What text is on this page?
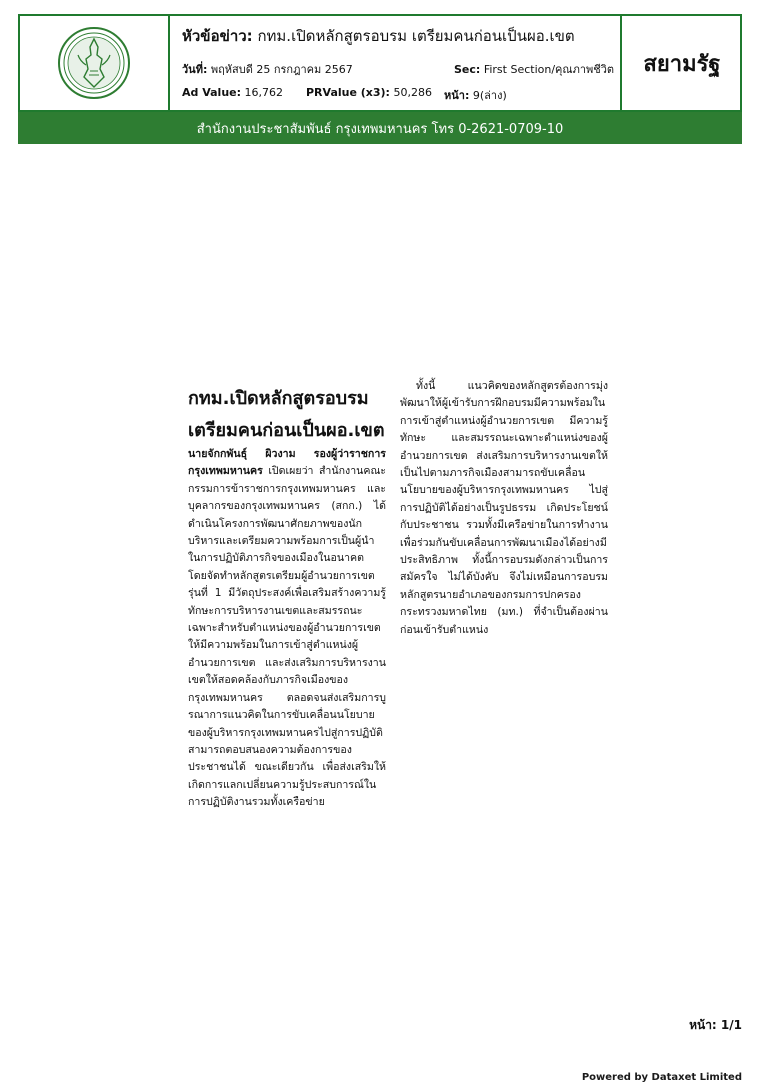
หัวข้อข่าว: กทม.เปิดหลักสูตรอบรม เตรียมคนก่อนเป็นผอ.เขต
วันที่: พฤหัสบดี 25 กรกฎาคม 2567	Sec: First Section/คุณภาพชีวิต
Ad Value: 16,762 PRValue (x3): 50,286 หน้า: 9(ล่าง)
สยามรัฐ
สำนักงานประชาสัมพันธ์ กรุงเทพมหานคร โทร 0-2621-0709-10
กทม.เปิดหลักสูตรอบรม
เตรียมคนก่อนเป็นผอ.เขต

นายจักกพันธุ์ ผิวงาม รองผู้ว่าราชการกรุงเทพมหานคร เปิดเผยว่า สำนักงานคณะกรรมการข้าราชการกรุงเทพมหานคร และบุคลากรของกรุงเทพมหานคร (สกก.) ได้ดำเนินโครงการพัฒนาศักยภาพของนักบริหารและเตรียมความพร้อมการเป็นผู้นำในการปฏิบัติภารกิจของเมืองในอนาคต โดยจัดทำหลักสูตรเตรียมผู้อำนวยการเขต รุ่นที่ 1 มีวัตถุประสงค์เพื่อเสริมสร้างความรู้ ทักษะการบริหารงานเขตและสมรรถนะเฉพาะสำหรับตำแหน่งของผู้อำนวยการเขตให้มีความพร้อมในการเข้าสู่ตำแหน่งผู้อำนวยการเขต และส่งเสริมการบริหารงานเขตให้สอดคล้องกับภารกิจเมืองของกรุงเทพมหานคร ตลอดจนส่งเสริมการบูรณาการแนวคิดในการขับเคลื่อนนโยบายของผู้บริหารกรุงเทพมหานครไปสู่การปฏิบัติสามารถตอบสนองความต้องการของประชาชนได้ ขณะเดียวกัน เพื่อส่งเสริมให้เกิดการแลกเปลี่ยนความรู้ประสบการณ์ในการปฏิบัติงานรวมทั้งเครือข่าย

ทั้งนี้ แนวคิดของหลักสูตรต้องการมุ่งพัฒนาให้ผู้เข้ารับการฝึกอบรมมีความพร้อมในการเข้าสู่ตำแหน่งผู้อำนวยการเขต มีความรู้ ทักษะ และสมรรถนะเฉพาะตำแหน่งของผู้อำนวยการเขต ส่งเสริมการบริหารงานเขตให้เป็นไปตามภารกิจเมืองสามารถขับเคลื่อนนโยบายของผู้บริหารกรุงเทพมหานคร ไปสู่การปฏิบัติได้อย่างเป็นรูปธรรม เกิดประโยชน์กับประชาชน รวมทั้งมีเครือข่ายในการทำงาน เพื่อร่วมกันขับเคลื่อนการพัฒนาเมืองได้อย่างมีประสิทธิภาพ ทั้งนี้การอบรมดังกล่าวเป็นการสมัครใจ ไม่ได้บังคับ จึงไม่เหมือนการอบรมหลักสูตรนายอำเภอของกรมการปกครอง กระทรวงมหาดไทย (มท.) ที่จำเป็นต้องผ่านก่อนเข้ารับตำแหน่ง

หน้า: 1/1
Powered by Dataxet Limited
